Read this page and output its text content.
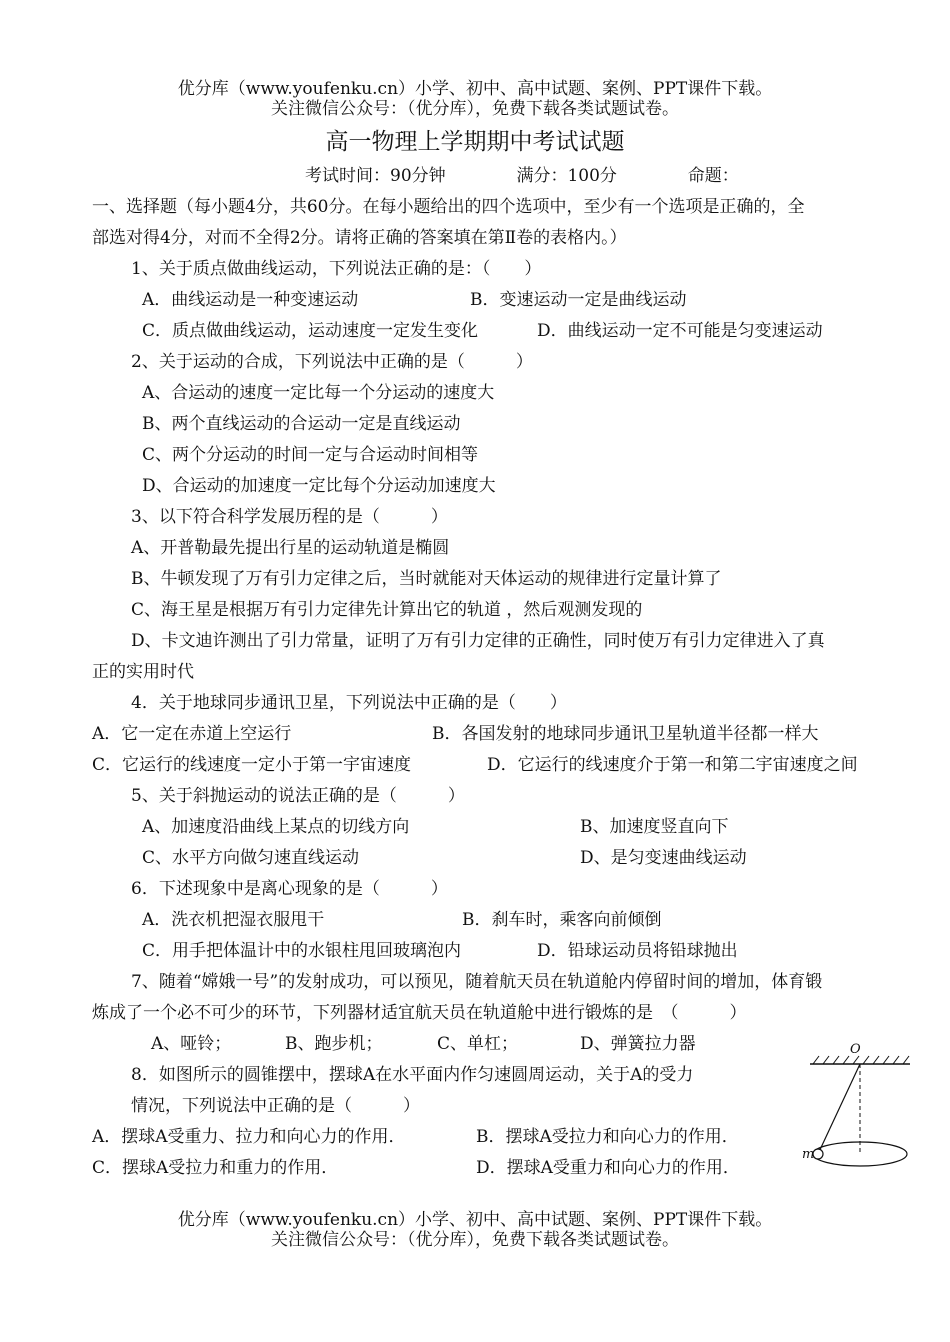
优分库（www.youfenku.cn）小学、初中、高中试题、案例、PPT课件下载。
关注微信公众号：（优分库），免费下载各类试题试卷。
高一物理上学期期中考试试题
考试时间：90分钟	满分：100分	命题：
一、选择题（每小题4分，共60分。在每小题给出的四个选项中，至少有一个选项是正确的，全
部选对得4分，对而不全得2分。请将正确的答案填在第Ⅱ卷的表格内。）
1、关于质点做曲线运动，下列说法正确的是：（　　）
A．曲线运动是一种变速运动	B．变速运动一定是曲线运动
C．质点做曲线运动，运动速度一定发生变化	D．曲线运动一定不可能是匀变速运动
2、关于运动的合成，下列说法中正确的是（　　　）
A、合运动的速度一定比每一个分运动的速度大
B、两个直线运动的合运动一定是直线运动
C、两个分运动的时间一定与合运动时间相等
D、合运动的加速度一定比每个分运动加速度大
3、以下符合科学发展历程的是（　　　）
A、开普勒最先提出行星的运动轨道是椭圆
B、牛顿发现了万有引力定律之后，当时就能对天体运动的规律进行定量计算了
C、海王星是根据万有引力定律先计算出它的轨道 ，然后观测发现的
D、卡文迪许测出了引力常量，证明了万有引力定律的正确性，同时使万有引力定律进入了真
正的实用时代
4．关于地球同步通讯卫星，下列说法中正确的是（　　）
A．它一定在赤道上空运行	B．各国发射的地球同步通讯卫星轨道半径都一样大
C．它运行的线速度一定小于第一宇宙速度	D．它运行的线速度介于第一和第二宇宙速度之间
5、关于斜抛运动的说法正确的是（　　　）
A、加速度沿曲线上某点的切线方向	B、加速度竖直向下
C、水平方向做匀速直线运动	D、是匀变速曲线运动
6．下述现象中是离心现象的是（　　　）
A．洗衣机把湿衣服甩干	B．刹车时，乘客向前倾倒
C．用手把体温计中的水银柱甩回玻璃泡内	D．铅球运动员将铅球抛出
7、随着“嫦娥一号”的发射成功，可以预见，随着航天员在轨道舱内停留时间的增加，体育锻
炼成了一个必不可少的环节，下列器材适宜航天员在轨道舱中进行锻炼的是　（　　　）
A、哑铃；	B、跑步机；	C、单杠；	D、弹簧拉力器
8．如图所示的圆锥摆中，摆球A在水平面内作匀速圆周运动，关于A的受力
情况，下列说法中正确的是（　　　）
A．摆球A受重力、拉力和向心力的作用．	B．摆球A受拉力和向心力的作用．
C．摆球A受拉力和重力的作用．	D．摆球A受重力和向心力的作用．
O
m
优分库（www.youfenku.cn）小学、初中、高中试题、案例、PPT课件下载。
关注微信公众号：（优分库），免费下载各类试题试卷。
